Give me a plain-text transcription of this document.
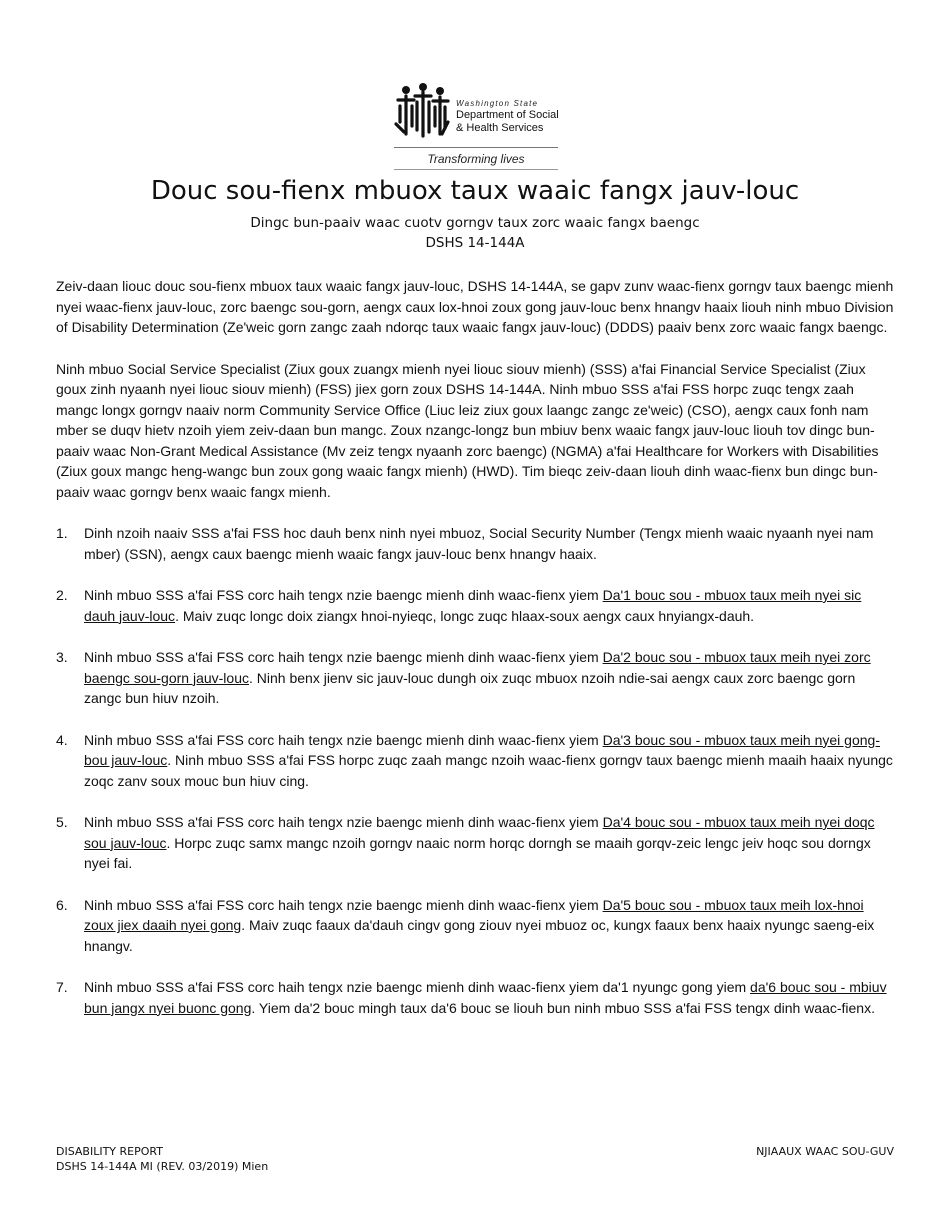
Washington State
Department of Social & Health Services
Transforming lives
Douc sou-fienx mbuox taux waaic fangx jauv-louc
Dingc bun-paaiv waac cuotv gorngv taux zorc waaic fangx baengc
DSHS 14-144A

Zeiv-daan liouc douc sou-fienx mbuox taux waaic fangx jauv-louc, DSHS 14-144A, se gapv zunv waac-fienx gorngv taux baengc mienh nyei waac-fienx jauv-louc, zorc baengc sou-gorn, aengx caux lox-hnoi zoux gong jauv-louc benx hnangv haaix liouh ninh mbuo Division of Disability Determination (Ze'weic gorn zangc zaah ndorqc taux waaic fangx jauv-louc) (DDDS) paaiv benx zorc waaic fangx baengc.

Ninh mbuo Social Service Specialist (Ziux goux zuangx mienh nyei liouc siouv mienh) (SSS) a'fai Financial Service Specialist (Ziux goux zinh nyaanh nyei liouc siouv mienh) (FSS) jiex gorn zoux DSHS 14-144A. Ninh mbuo SSS a'fai FSS horpc zuqc tengx zaah mangc longx gorngv naaiv norm Community Service Office (Liuc leiz ziux goux laangc zangc ze'weic) (CSO), aengx caux fonh nam mber se duqv hietv nzoih yiem zeiv-daan bun mangc. Zoux nzangc-longz bun mbiuv benx waaic fangx jauv-louc liouh tov dingc bun-paaiv waac Non-Grant Medical Assistance (Mv zeiz tengx nyaanh zorc baengc) (NGMA) a'fai Healthcare for Workers with Disabilities (Ziux goux mangc heng-wangc bun zoux gong waaic fangx mienh) (HWD). Tim bieqc zeiv-daan liouh dinh waac-fienx bun dingc bun-paaiv waac gorngv benx waaic fangx mienh.

1. Dinh nzoih naaiv SSS a'fai FSS hoc dauh benx ninh nyei mbuoz, Social Security Number (Tengx mienh waaic nyaanh nyei nam mber) (SSN), aengx caux baengc mienh waaic fangx jauv-louc benx hnangv haaix.
2. Ninh mbuo SSS a'fai FSS corc haih tengx nzie baengc mienh dinh waac-fienx yiem Da'1 bouc sou - mbuox taux meih nyei sic dauh jauv-louc. Maiv zuqc longc doix ziangx hnoi-nyieqc, longc zuqc hlaax-soux aengx caux hnyiangx-dauh.
3. Ninh mbuo SSS a'fai FSS corc haih tengx nzie baengc mienh dinh waac-fienx yiem Da'2 bouc sou - mbuox taux meih nyei zorc baengc sou-gorn jauv-louc. Ninh benx jienv sic jauv-louc dungh oix zuqc mbuox nzoih ndie-sai aengx caux zorc baengc gorn zangc bun hiuv nzoih.
4. Ninh mbuo SSS a'fai FSS corc haih tengx nzie baengc mienh dinh waac-fienx yiem Da'3 bouc sou - mbuox taux meih nyei gong-bou jauv-louc. Ninh mbuo SSS a'fai FSS horpc zuqc zaah mangc nzoih waac-fienx gorngv taux baengc mienh maaih haaix nyungc zoqc zanv soux mouc bun hiuv cing.
5. Ninh mbuo SSS a'fai FSS corc haih tengx nzie baengc mienh dinh waac-fienx yiem Da'4 bouc sou - mbuox taux meih nyei doqc sou jauv-louc. Horpc zuqc samx mangc nzoih gorngv naaic norm horqc dorngh se maaih gorqv-zeic lengc jeiv hoqc sou dorngx nyei fai.
6. Ninh mbuo SSS a'fai FSS corc haih tengx nzie baengc mienh dinh waac-fienx yiem Da'5 bouc sou - mbuox taux meih lox-hnoi zoux jiex daaih nyei gong. Maiv zuqc faaux da'dauh cingv gong ziouv nyei mbuoz oc, kungx faaux benx haaix nyungc saeng-eix hnangv.
7. Ninh mbuo SSS a'fai FSS corc haih tengx nzie baengc mienh dinh waac-fienx yiem da'1 nyungc gong yiem da'6 bouc sou - mbiuv bun jangx nyei buonc gong. Yiem da'2 bouc mingh taux da'6 bouc se liouh bun ninh mbuo SSS a'fai FSS tengx dinh waac-fienx.
DISABILITY REPORT
DSHS 14-144A MI (REV. 03/2019) Mien
NJIAAUX WAAC SOU-GUV
